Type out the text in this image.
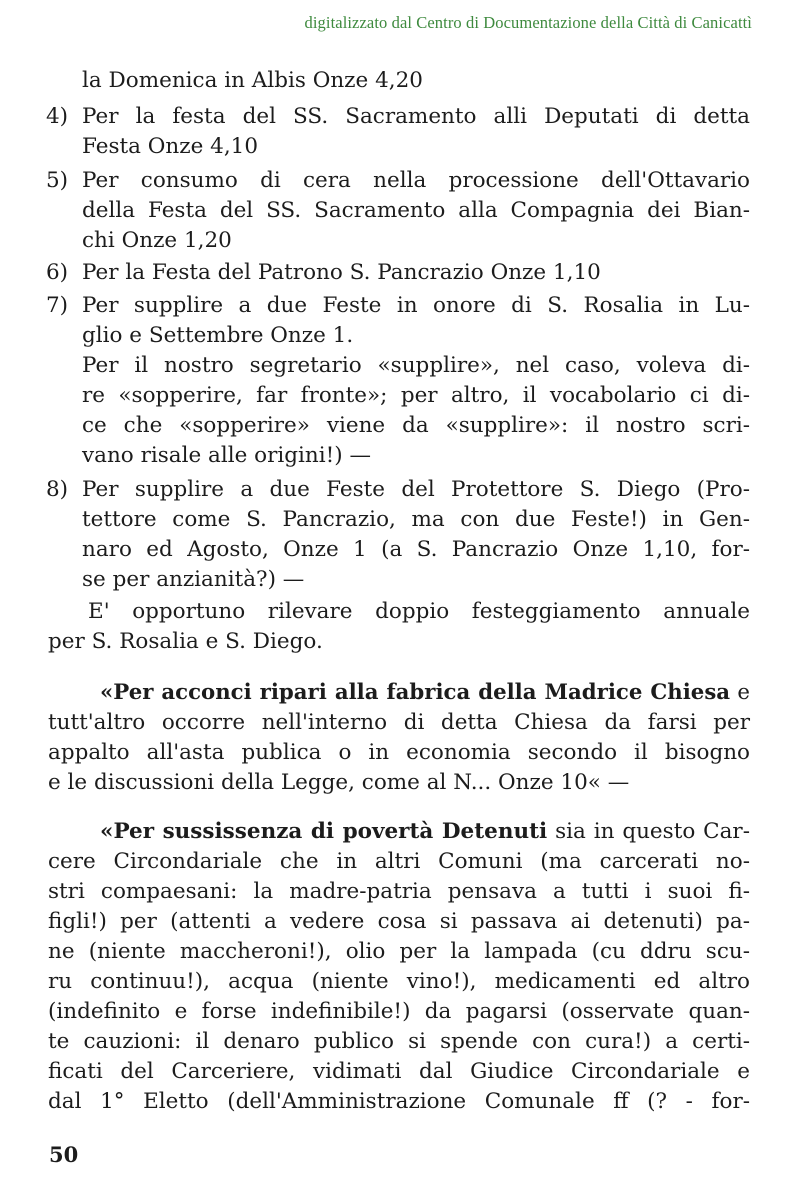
digitalizzato dal Centro di Documentazione della Città di Canicattì
la Domenica in Albis Onze 4,20
4) Per la festa del SS. Sacramento alli Deputati di detta
Festa Onze 4,10
5) Per consumo di cera nella processione dell'Ottavario
della Festa del SS. Sacramento alla Compagnia dei Bian-
chi Onze 1,20
6) Per la Festa del Patrono S. Pancrazio Onze 1,10
7) Per supplire a due Feste in onore di S. Rosalia in Lu-
glio e Settembre Onze 1.
Per il nostro segretario «supplire», nel caso, voleva di-
re «sopperire, far fronte»; per altro, il vocabolario ci di-
ce che «sopperire» viene da «supplire»: il nostro scri-
vano risale alle origini!) —
8) Per supplire a due Feste del Protettore S. Diego (Pro-
tettore come S. Pancrazio, ma con due Feste!) in Gen-
naro ed Agosto, Onze 1 (a S. Pancrazio Onze 1,10, for-
se per anzianità?) —
E' opportuno rilevare doppio festeggiamento annuale
per S. Rosalia e S. Diego.
«Per acconci ripari alla fabrica della Madrice Chiesa e
tutt'altro occorre nell'interno di detta Chiesa da farsi per
appalto all'asta publica o in economia secondo il bisogno
e le discussioni della Legge, come al N... Onze 10« —
«Per sussissenza di povertà Detenuti sia in questo Car-
cere Circondariale che in altri Comuni (ma carcerati no-
stri compaesani: la madre-patria pensava a tutti i suoi fi-
figli!) per (attenti a vedere cosa si passava ai detenuti) pa-
ne (niente maccheroni!), olio per la lampada (cu ddru scu-
ru continuu!), acqua (niente vino!), medicamenti ed altro
(indefinito e forse indefinibile!) da pagarsi (osservate quan-
te cauzioni: il denaro publico si spende con cura!) a certi-
ficati del Carceriere, vidimati dal Giudice Circondariale e
dal 1° Eletto (dell'Amministrazione Comunale ff (? - for-
50
